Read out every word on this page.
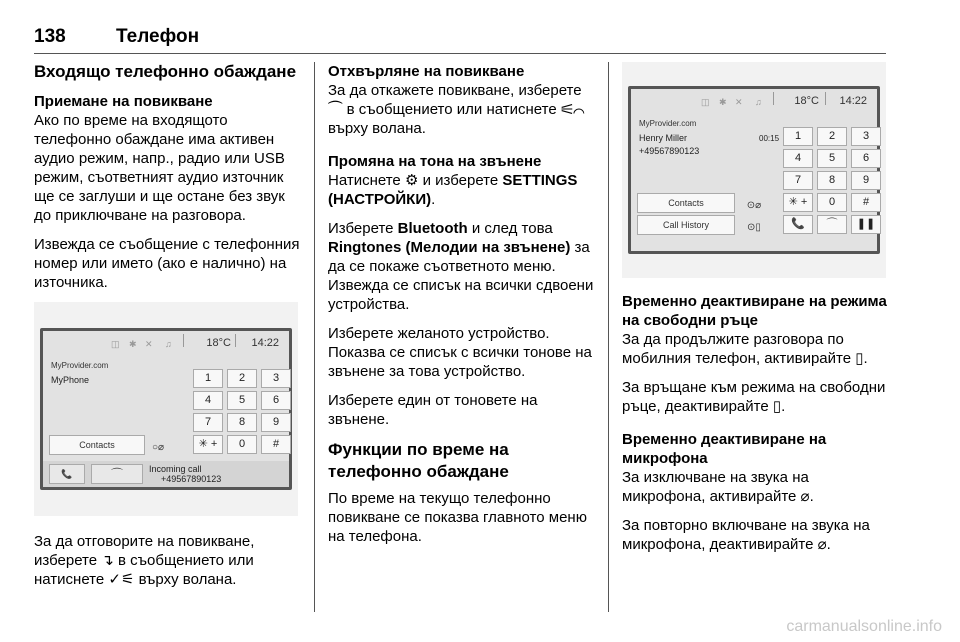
138	Телефон
Входящо телефонно обаждане
Приемане на повикване

Ако по време на входящото телефонно обаждане има активен аудио режим, напр., радио или USB режим, съответният аудио източник ще се заглуши и ще остане без звук до приключване на разговора.

Извежда се съобщение с телефонния номер или името (ако е налично) на източника.

◫ ✱ ✕ ♫	18°C 14:22
MyProvider.com
MyPhone	1	2	3
4	5	6
7	8	9
✳ +	0	#
Contacts	○⌀
📞	⌒	Incoming call
+49567890123

За да отговорите на повикване, изберете ↴ в съобщението или натиснете ✓⚟ върху волана.

Отхвърляне на повикване

За да откажете повикване, изберете ⏜ в съобщението или натиснете ⚟⌒ върху волана.

Промяна на тона на звънене

Натиснете ⚙ и изберете SETTINGS (НАСТРОЙКИ).

Изберете Bluetooth и след това Ringtones (Мелодии на звънене) за да се покаже съответното меню. Извежда се списък на всички сдвоени устройства.

Изберете желаното устройство. Показва се списък с всички тонове на звънене за това устройство.

Изберете един от тоновете на звънене.

Функции по време на телефонно обаждане

По време на текущо телефонно повикване се показва главното меню на телефона.

◫ ✱ ✕ ♫	18°C 14:22
MyProvider.com
Henry Miller
+49567890123
00:15	1	2	3
4	5	6
7	8	9
✳ +	0	#
📞	⌒	❚❚
Contacts	⊙⌀
Call History	⊙▯
Временно деактивиране на режима на свободни ръце

За да продължите разговора по мобилния телефон, активирайте ▯.

За връщане към режима на свободни ръце, деактивирайте ▯.

Временно деактивиране на микрофона

За изключване на звука на микрофона, активирайте ⌀.

За повторно включване на звука на микрофона, деактивирайте ⌀.

carmanualsonline.info
